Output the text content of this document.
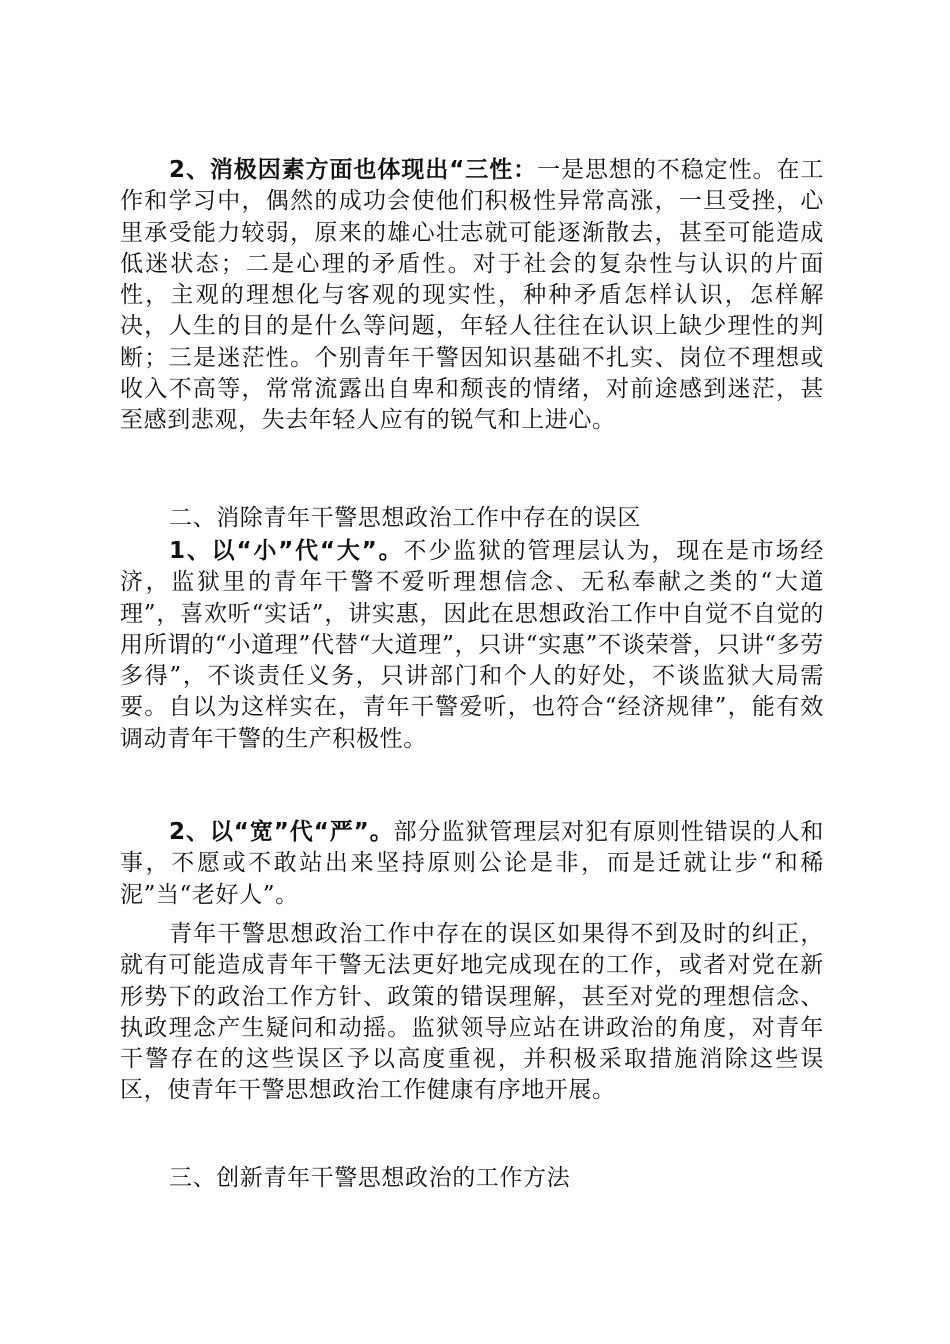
2、消极因素方面也体现出“三性：一是思想的不稳定性。在工作和学习中，偶然的成功会使他们积极性异常高涨，一旦受挫，心里承受能力较弱，原来的雄心壮志就可能逐渐散去，甚至可能造成低迷状态；二是心理的矛盾性。对于社会的复杂性与认识的片面性，主观的理想化与客观的现实性，种种矛盾怎样认识，怎样解决，人生的目的是什么等问题，年轻人往往在认识上缺少理性的判断；三是迷茫性。个别青年干警因知识基础不扎实、岗位不理想或收入不高等，常常流露出自卑和颓丧的情绪，对前途感到迷茫，甚至感到悲观，失去年轻人应有的锐气和上进心。

二、消除青年干警思想政治工作中存在的误区

1、以“小”代“大”。不少监狱的管理层认为，现在是市场经济，监狱里的青年干警不爱听理想信念、无私奉献之类的“大道理”，喜欢听“实话”，讲实惠，因此在思想政治工作中自觉不自觉的用所谓的“小道理”代替“大道理”，只讲“实惠”不谈荣誉，只讲“多劳多得”，不谈责任义务，只讲部门和个人的好处，不谈监狱大局需要。自以为这样实在，青年干警爱听，也符合“经济规律”，能有效调动青年干警的生产积极性。

2、以“宽”代“严”。部分监狱管理层对犯有原则性错误的人和事，不愿或不敢站出来坚持原则公论是非，而是迁就让步“和稀泥”当“老好人”。

青年干警思想政治工作中存在的误区如果得不到及时的纠正，就有可能造成青年干警无法更好地完成现在的工作，或者对党在新形势下的政治工作方针、政策的错误理解，甚至对党的理想信念、执政理念产生疑问和动摇。监狱领导应站在讲政治的角度，对青年干警存在的这些误区予以高度重视，并积极采取措施消除这些误区，使青年干警思想政治工作健康有序地开展。

三、创新青年干警思想政治的工作方法
